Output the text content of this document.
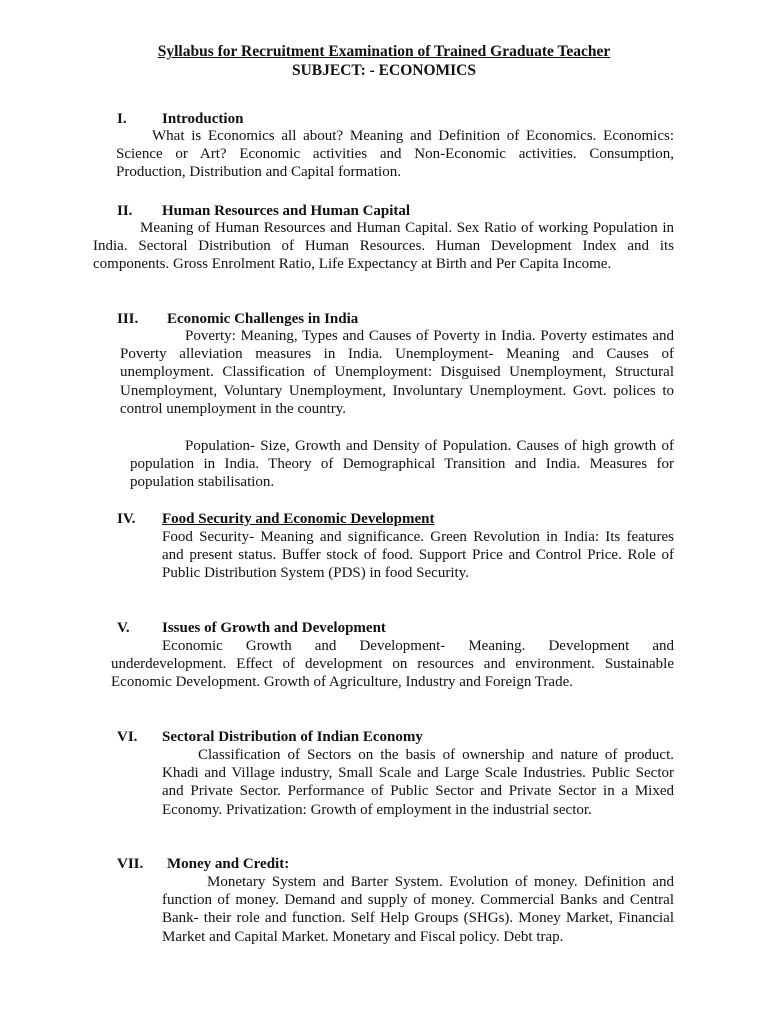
Syllabus for Recruitment Examination of Trained Graduate Teacher
SUBJECT: - ECONOMICS
I. Introduction
What is Economics all about? Meaning and Definition of Economics. Economics: Science or Art? Economic activities and Non-Economic activities. Consumption, Production, Distribution and Capital formation.
II. Human Resources and Human Capital
Meaning of Human Resources and Human Capital. Sex Ratio of working Population in India. Sectoral Distribution of Human Resources. Human Development Index and its components. Gross Enrolment Ratio, Life Expectancy at Birth and Per Capita Income.
III. Economic Challenges in India
Poverty: Meaning, Types and Causes of Poverty in India. Poverty estimates and Poverty alleviation measures in India. Unemployment- Meaning and Causes of unemployment. Classification of Unemployment: Disguised Unemployment, Structural Unemployment, Voluntary Unemployment, Involuntary Unemployment. Govt. polices to control unemployment in the country.
Population- Size, Growth and Density of Population. Causes of high growth of population in India. Theory of Demographical Transition and India. Measures for population stabilisation.
IV. Food Security and Economic Development
Food Security- Meaning and significance. Green Revolution in India: Its features and present status. Buffer stock of food. Support Price and Control Price. Role of Public Distribution System (PDS) in food Security.
V. Issues of Growth and Development
Economic Growth and Development- Meaning. Development and underdevelopment. Effect of development on resources and environment. Sustainable Economic Development. Growth of Agriculture, Industry and Foreign Trade.
VI. Sectoral Distribution of Indian Economy
Classification of Sectors on the basis of ownership and nature of product. Khadi and Village industry, Small Scale and Large Scale Industries. Public Sector and Private Sector. Performance of Public Sector and Private Sector in a Mixed Economy. Privatization: Growth of employment in the industrial sector.
VII. Money and Credit:
Monetary System and Barter System. Evolution of money. Definition and function of money. Demand and supply of money. Commercial Banks and Central Bank- their role and function. Self Help Groups (SHGs). Money Market, Financial Market and Capital Market. Monetary and Fiscal policy. Debt trap.
